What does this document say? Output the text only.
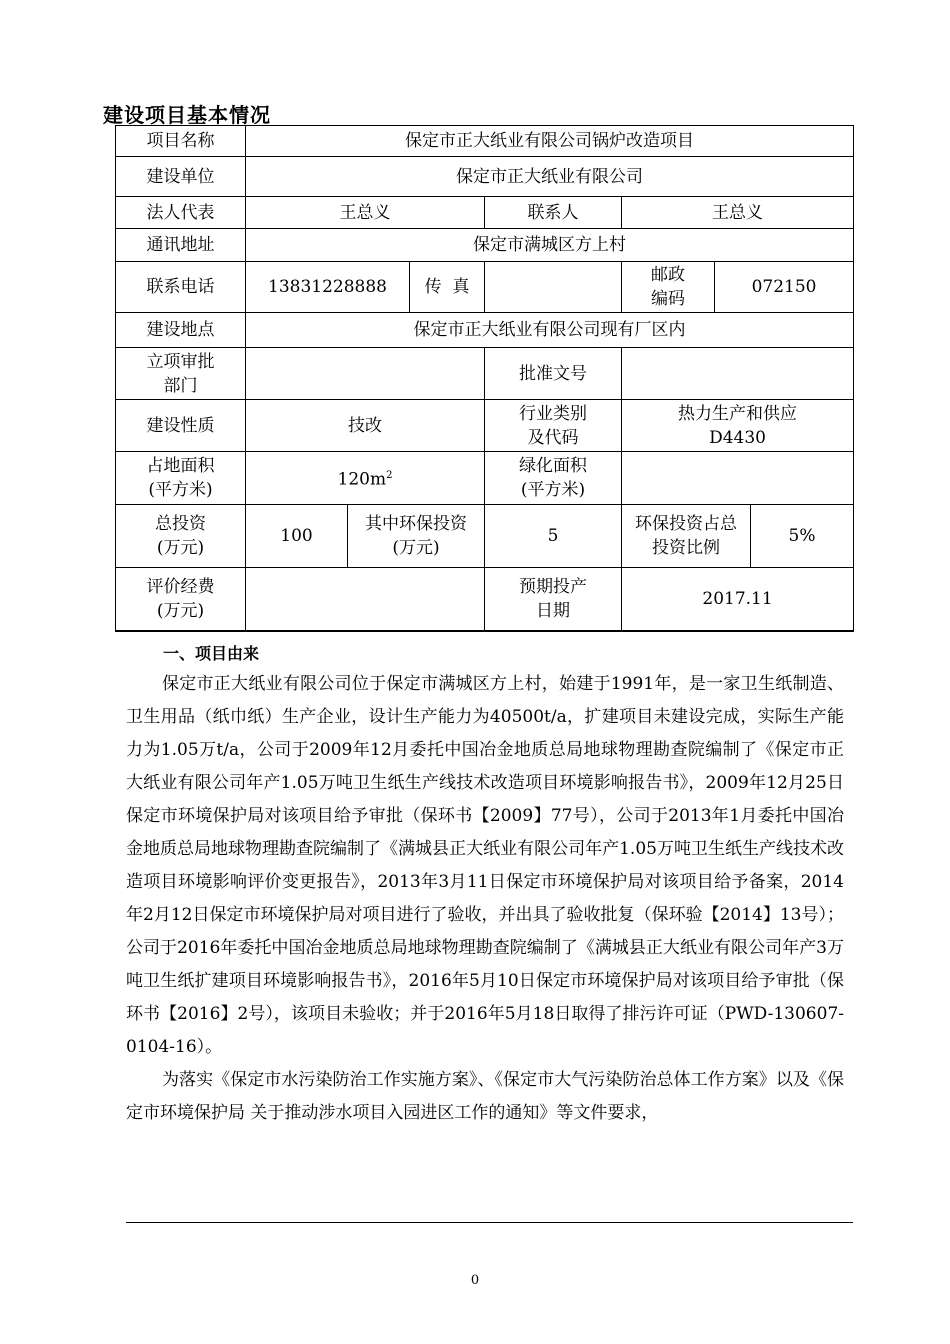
建设项目基本情况
项目名称	保定市正大纸业有限公司锅炉改造项目					
建设单位	保定市正大纸业有限公司					
法人代表	王总义			联系人	王总义	
通讯地址	保定市满城区方上村					
联系电话	13831228888		传  真		邮政编码	072150
建设地点	保定市正大纸业有限公司现有厂区内					
立项审批部门				批准文号		
建设性质	技改			行业类别及代码	热力生产和供应
D4430	

占地面积(平方米)	$120m^2$			绿化面积(平方米)		
总投资(万元)	100	其中环保投资(万元)		5	环保投资占总投资比例
5%	

评价经费(万元)				预期投产日期	2017.11	
一、项目由来

保定市正大纸业有限公司位于保定市满城区方上村，始建于1991年，是一家卫生纸制造、卫生用品（纸巾纸）生产企业，设计生产能力为40500t/a，扩建项目未建设完成，实际生产能力为1.05万t/a，公司于2009年12月委托中国冶金地质总局地球物理勘查院编制了《保定市正大纸业有限公司年产1.05万吨卫生纸生产线技术改造项目环境影响报告书》，2009年12月25日保定市环境保护局对该项目给予审批（保环书【2009】77号），公司于2013年1月委托中国冶金地质总局地球物理勘查院编制了《满城县正大纸业有限公司年产1.05万吨卫生纸生产线技术改造项目环境影响评价变更报告》，2013年3月11日保定市环境保护局对该项目给予备案，2014年2月12日保定市环境保护局对项目进行了验收，并出具了验收批复（保环验【2014】13号）；公司于2016年委托中国冶金地质总局地球物理勘查院编制了《满城县正大纸业有限公司年产3万吨卫生纸扩建项目环境影响报告书》，2016年5月10日保定市环境保护局对该项目给予审批（保环书【2016】2号），该项目未验收；并于2016年5月18日取得了排污许可证（PWD-130607-0104-16）。

为落实《保定市水污染防治工作实施方案》、《保定市大气污染防治总体工作方案》以及《保定市环境保护局 关于推动涉水项目入园进区工作的通知》等文件要求，

0
